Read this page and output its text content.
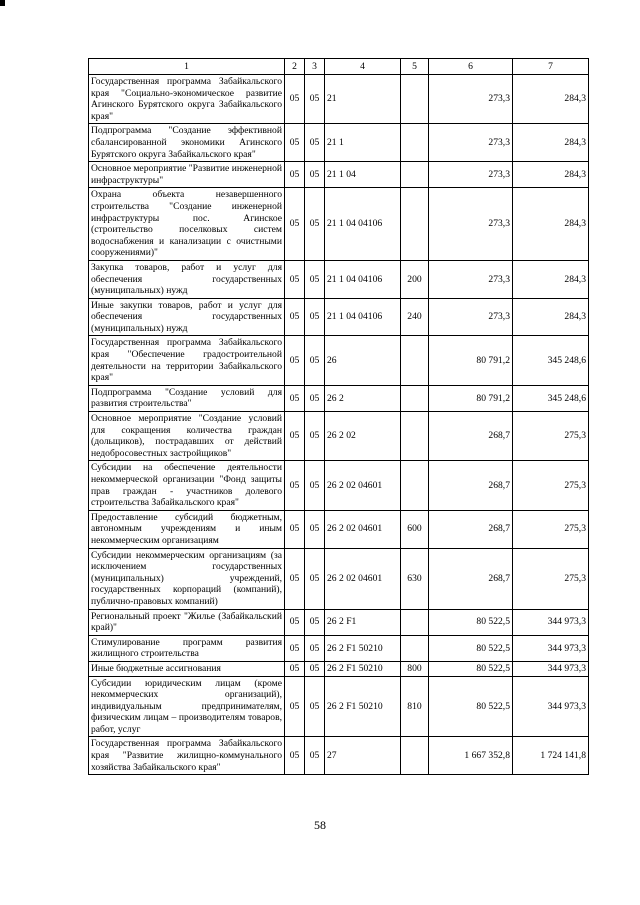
1	2	3	4	5	6	7
Государственная программа Забайкальского края "Социально-экономическое развитие Агинского Бурятского округа Забайкальского края"	05	05	21		273,3	284,3
Подпрограмма "Создание эффективной сбалансированной экономики Агинского Бурятского округа Забайкальского края"	05	05	21 1		273,3	284,3
Основное мероприятие "Развитие инженерной инфраструктуры"	05	05	21 1 04		273,3	284,3
Охрана объекта незавершенного строительства "Создание инженерной инфраструктуры пос. Агинское (строительство поселковых систем водоснабжения и канализации с очистными сооружениями)"	05	05	21 1 04 04106		273,3	284,3
Закупка товаров, работ и услуг для обеспечения государственных (муниципальных) нужд	05	05	21 1 04 04106	200	273,3	284,3
Иные закупки товаров, работ и услуг для обеспечения государственных (муниципальных) нужд	05	05	21 1 04 04106	240	273,3	284,3
Государственная программа Забайкальского края "Обеспечение градостроительной деятельности на территории Забайкальского края"	05	05	26		80 791,2	345 248,6
Подпрограмма "Создание условий для развития строительства"	05	05	26 2		80 791,2	345 248,6
Основное мероприятие "Создание условий для сокращения количества граждан (дольщиков), пострадавших от действий недобросовестных застройщиков"	05	05	26 2 02		268,7	275,3
Субсидии на обеспечение деятельности некоммерческой организации "Фонд защиты прав граждан - участников долевого строительства Забайкальского края"	05	05	26 2 02 04601		268,7	275,3
Предоставление субсидий бюджетным, автономным учреждениям и иным некоммерческим организациям	05	05	26 2 02 04601	600	268,7	275,3
Субсидии некоммерческим организациям (за исключением государственных (муниципальных) учреждений, государственных корпораций (компаний), публично-правовых компаний)	05	05	26 2 02 04601	630	268,7	275,3
Региональный проект "Жилье (Забайкальский край)"	05	05	26 2 F1		80 522,5	344 973,3
Стимулирование программ развития жилищного строительства	05	05	26 2 F1 50210		80 522,5	344 973,3
Иные бюджетные ассигнования	05	05	26 2 F1 50210	800	80 522,5	344 973,3
Субсидии юридическим лицам (кроме некоммерческих организаций), индивидуальным предпринимателям, физическим лицам – производителям товаров, работ, услуг	05	05	26 2 F1 50210	810	80 522,5	344 973,3
Государственная программа Забайкальского края "Развитие жилищно-коммунального хозяйства Забайкальского края"	05	05	27		1 667 352,8	1 724 141,8
58
